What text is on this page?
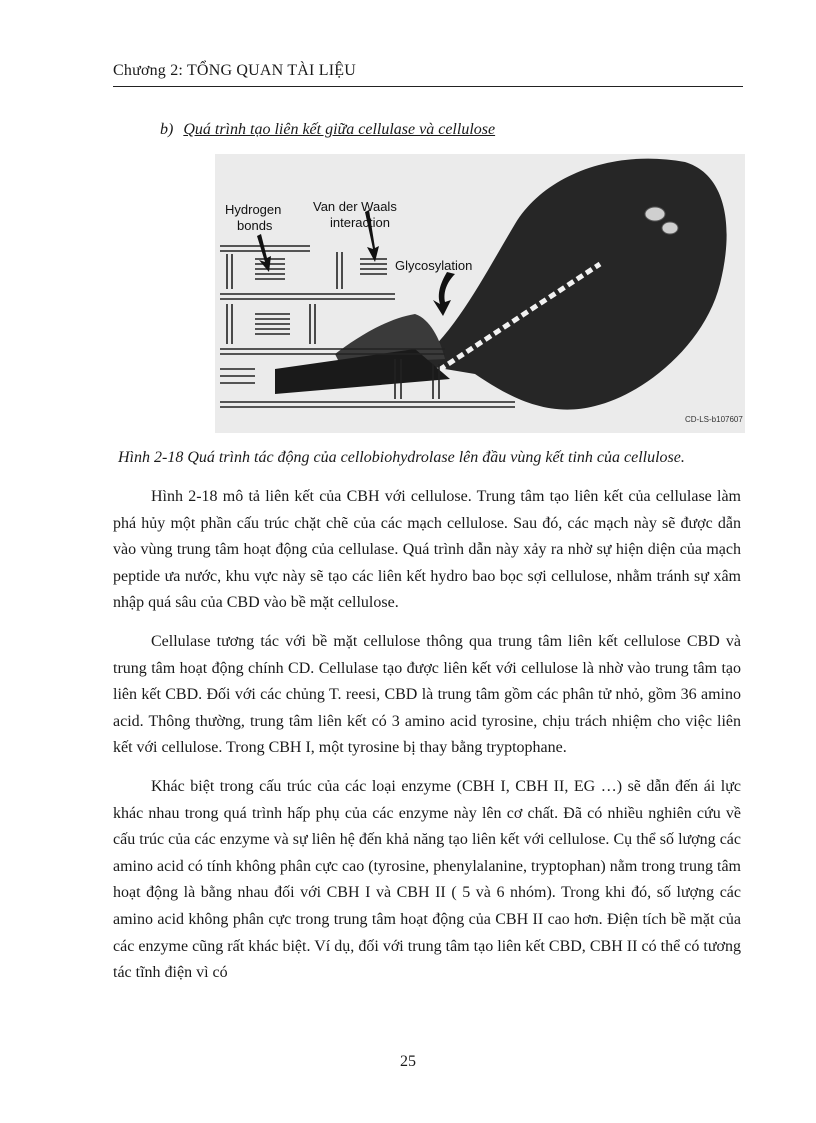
Chương 2: TỔNG QUAN TÀI LIỆU
b) Quá trình tạo liên kết giữa cellulase và cellulose
Hydrogen
bonds
Van der Waals
interaction
Glycosylation
CD-LS-b107607
Hình 2-18 Quá trình tác động của cellobiohydrolase lên đầu vùng kết tinh của cellulose.

Hình 2-18 mô tả liên kết của CBH với cellulose. Trung tâm tạo liên kết của cellulase làm phá hủy một phần cấu trúc chặt chẽ của các mạch cellulose. Sau đó, các mạch này sẽ được dẫn vào vùng trung tâm hoạt động của cellulase. Quá trình dẫn này xảy ra nhờ sự hiện diện của mạch peptide ưa nước, khu vực này sẽ tạo các liên kết hydro bao bọc sợi cellulose, nhằm tránh sự xâm nhập quá sâu của CBD vào bề mặt cellulose.

Cellulase tương tác với bề mặt cellulose thông qua trung tâm liên kết cellulose CBD và trung tâm hoạt động chính CD. Cellulase tạo được liên kết với cellulose là nhờ vào trung tâm tạo liên kết CBD. Đối với các chủng T. reesi, CBD là trung tâm gồm các phân tử nhỏ, gồm 36 amino acid. Thông thường, trung tâm liên kết có 3 amino acid tyrosine, chịu trách nhiệm cho việc liên kết với cellulose. Trong CBH I, một tyrosine bị thay bằng tryptophane.

Khác biệt trong cấu trúc của các loại enzyme (CBH I, CBH II, EG …) sẽ dẫn đến ái lực khác nhau trong quá trình hấp phụ của các enzyme này lên cơ chất. Đã có nhiều nghiên cứu về cấu trúc của các enzyme và sự liên hệ đến khả năng tạo liên kết với cellulose. Cụ thể số lượng các amino acid có tính không phân cực cao (tyrosine, phenylalanine, tryptophan) nằm trong trung tâm hoạt động là bằng nhau đối với CBH I và CBH II ( 5 và 6 nhóm). Trong khi đó, số lượng các amino acid không phân cực trong trung tâm hoạt động của CBH II cao hơn. Điện tích bề mặt của các enzyme cũng rất khác biệt. Ví dụ, đối với trung tâm tạo liên kết CBD, CBH II có thể có tương tác tĩnh điện vì có

25
